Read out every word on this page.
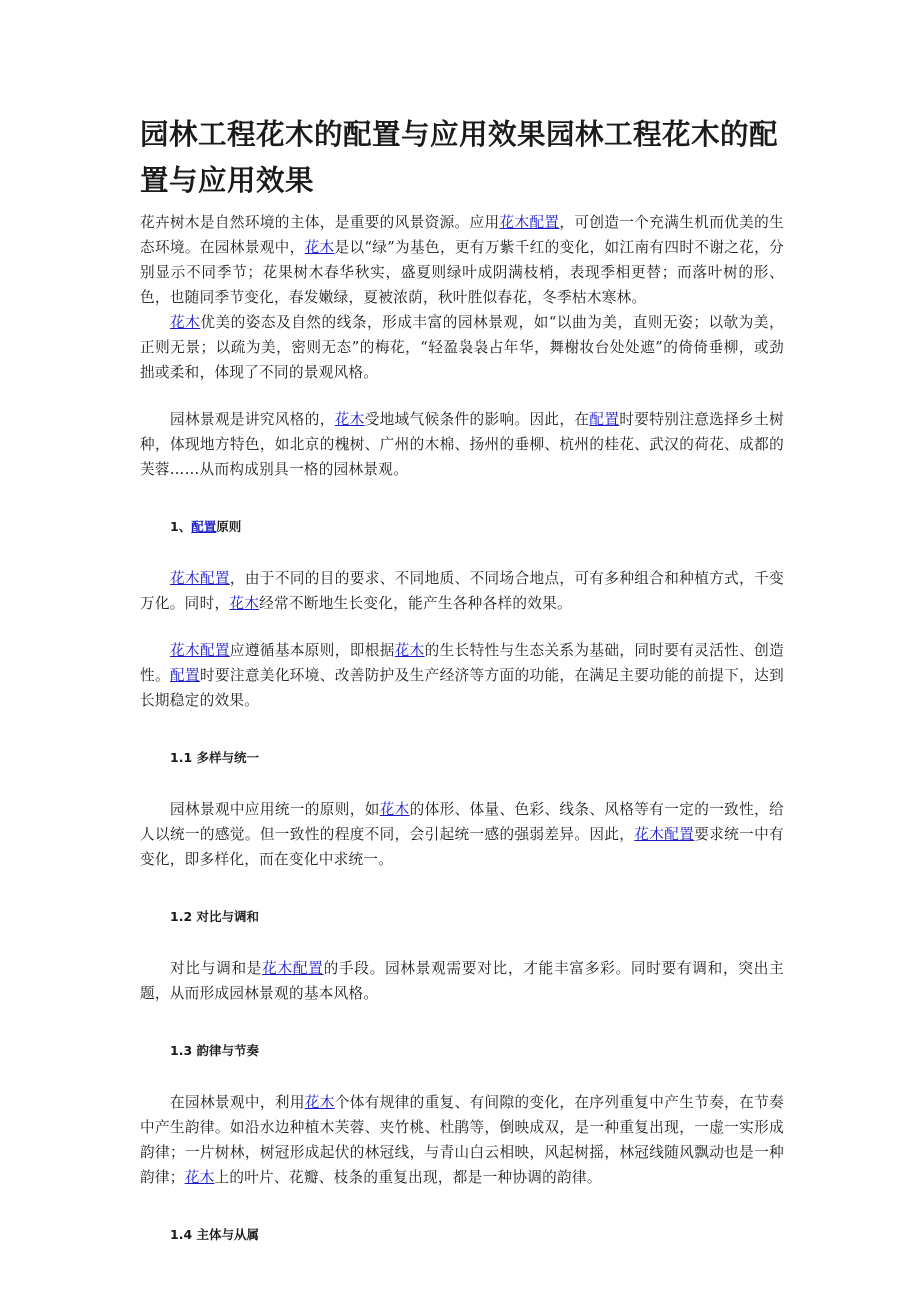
园林工程花木的配置与应用效果园林工程花木的配置与应用效果

花卉树木是自然环境的主体，是重要的风景资源。应用花木配置，可创造一个充满生机而优美的生态环境。在园林景观中，花木是以“绿”为基色，更有万紫千红的变化，如江南有四时不谢之花，分别显示不同季节；花果树木春华秋实，盛夏则绿叶成阴满枝梢，表现季相更替；而落叶树的形、色，也随同季节变化，春发嫩绿，夏被浓荫，秋叶胜似春花，冬季枯木寒林。

花木优美的姿态及自然的线条，形成丰富的园林景观，如“以曲为美，直则无姿；以欹为美，正则无景；以疏为美，密则无态”的梅花，“轻盈袅袅占年华，舞榭妆台处处遮”的倚倚垂柳，或劲拙或柔和，体现了不同的景观风格。

园林景观是讲究风格的，花木受地域气候条件的影响。因此，在配置时要特别注意选择乡土树种，体现地方特色，如北京的槐树、广州的木棉、扬州的垂柳、杭州的桂花、武汉的荷花、成都的芙蓉……从而构成别具一格的园林景观。

1、配置原则

花木配置，由于不同的目的要求、不同地质、不同场合地点，可有多种组合和种植方式，千变万化。同时，花木经常不断地生长变化，能产生各种各样的效果。

花木配置应遵循基本原则，即根据花木的生长特性与生态关系为基础，同时要有灵活性、创造性。配置时要注意美化环境、改善防护及生产经济等方面的功能，在满足主要功能的前提下，达到长期稳定的效果。

1.1 多样与统一

园林景观中应用统一的原则，如花木的体形、体量、色彩、线条、风格等有一定的一致性，给人以统一的感觉。但一致性的程度不同，会引起统一感的强弱差异。因此，花木配置要求统一中有变化，即多样化，而在变化中求统一。

1.2 对比与调和

对比与调和是花木配置的手段。园林景观需要对比，才能丰富多彩。同时要有调和，突出主题，从而形成园林景观的基本风格。

1.3 韵律与节奏

在园林景观中，利用花木个体有规律的重复、有间隙的变化，在序列重复中产生节奏，在节奏中产生韵律。如沿水边种植木芙蓉、夹竹桃、杜鹃等，倒映成双，是一种重复出现，一虚一实形成韵律；一片树林，树冠形成起伏的林冠线，与青山白云相映，风起树摇，林冠线随风飘动也是一种韵律；花木上的叶片、花瓣、枝条的重复出现，都是一种协调的韵律。

1.4 主体与从属
